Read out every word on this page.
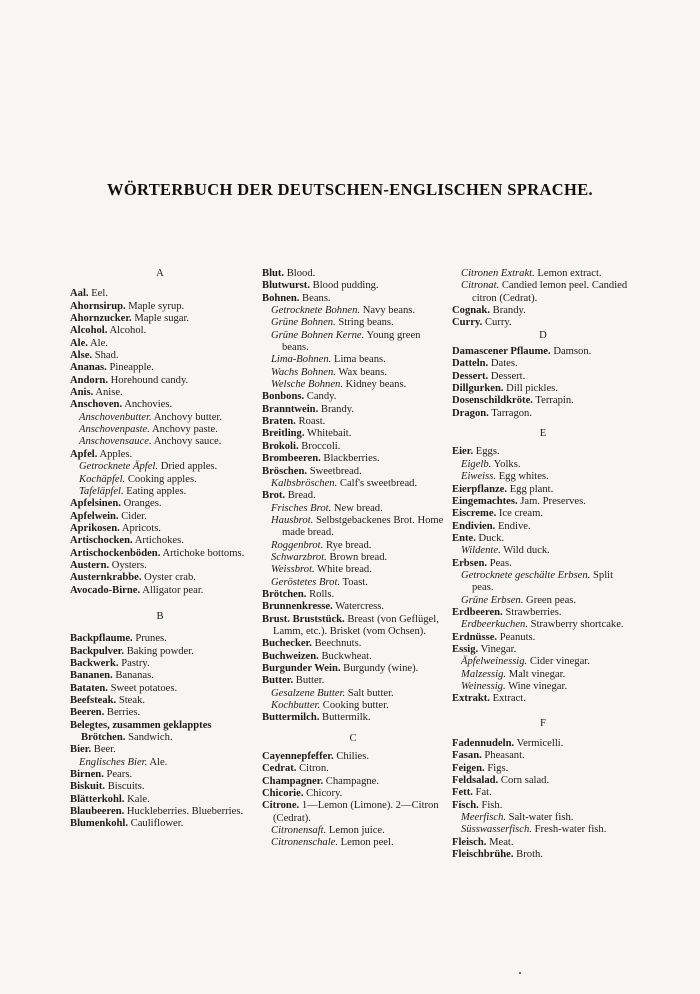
WÖRTERBUCH DER DEUTSCHEN-ENGLISCHEN SPRACHE.

A

Aal. Eel.

Ahornsirup. Maple syrup.

Ahornzucker. Maple sugar.

Alcohol. Alcohol.

Ale. Ale.

Alse. Shad.

Ananas. Pineapple.

Andorn. Horehound candy.

Anis. Anise.

Anschoven. Anchovies.

Anschovenbutter. Anchovy butter.

Anschovenpaste. Anchovy paste.

Anschovensauce. Anchovy sauce.

Apfel. Apples.

Getrocknete Äpfel. Dried apples.

Kochäpfel. Cooking apples.

Tafeläpfel. Eating apples.

Apfelsinen. Oranges.

Apfelwein. Cider.

Aprikosen. Apricots.

Artischocken. Artichokes.

Artischockenböden. Artichoke bottoms.

Austern. Oysters.

Austernkrabbe. Oyster crab.

Avocado-Birne. Alligator pear.

B

Backpflaume. Prunes.

Backpulver. Baking powder.

Backwerk. Pastry.

Bananen. Bananas.

Bataten. Sweet potatoes.

Beefsteak. Steak.

Beeren. Berries.

Belegtes, zusammen geklapptes Brötchen. Sandwich.

Bier. Beer.

Englisches Bier. Ale.

Birnen. Pears.

Biskuit. Biscuits.

Blätterkohl. Kale.

Blaubeeren. Huckleberries. Blueberries.

Blumenkohl. Cauliflower.

Blut. Blood.

Blutwurst. Blood pudding.

Bohnen. Beans.

Getrocknete Bohnen. Navy beans.

Grüne Bohnen. String beans.

Grüne Bohnen Kerne. Young green beans.

Lima-Bohnen. Lima beans.

Wachs Bohnen. Wax beans.

Welsche Bohnen. Kidney beans.

Bonbons. Candy.

Branntwein. Brandy.

Braten. Roast.

Breitling. Whitebait.

Brokoli. Broccoli.

Brombeeren. Blackberries.

Bröschen. Sweetbread.

Kalbsbröschen. Calf's sweetbread.

Brot. Bread.

Frisches Brot. New bread.

Hausbrot. Selbstgebackenes Brot. Home made bread.

Roggenbrot. Rye bread.

Schwarzbrot. Brown bread.

Weissbrot. White bread.

Geröstetes Brot. Toast.

Brötchen. Rolls.

Brunnenkresse. Watercress.

Brust. Bruststück. Breast (von Geflügel, Lamm, etc.). Brisket (vom Ochsen).

Buchecker. Beechnuts.

Buchweizen. Buckwheat.

Burgunder Wein. Burgundy (wine).

Butter. Butter.

Gesalzene Butter. Salt butter.

Kochbutter. Cooking butter.

Buttermilch. Buttermilk.

C

Cayennepfeffer. Chilies.

Cedrat. Citron.

Champagner. Champagne.

Chicorie. Chicory.

Citrone. 1—Lemon (Limone). 2—Citron (Cedrat).

Citronensaft. Lemon juice.

Citronenschale. Lemon peel.

Citronen Extrakt. Lemon extract.

Citronat. Candied lemon peel. Candied citron (Cedrat).

Cognak. Brandy.

Curry. Curry.

D

Damascener Pflaume. Damson.

Datteln. Dates.

Dessert. Dessert.

Dillgurken. Dill pickles.

Dosenschildkröte. Terrapin.

Dragon. Tarragon.

E

Eier. Eggs.

Eigelb. Yolks.

Eiweiss. Egg whites.

Eierpflanze. Egg plant.

Eingemachtes. Jam. Preserves.

Eiscreme. Ice cream.

Endivien. Endive.

Ente. Duck.

Wildente. Wild duck.

Erbsen. Peas.

Getrocknete geschälte Erbsen. Split peas.

Grüne Erbsen. Green peas.

Erdbeeren. Strawberries.

Erdbeerkuchen. Strawberry shortcake.

Erdnüsse. Peanuts.

Essig. Vinegar.

Äpfelweinessig. Cider vinegar.

Malzessig. Malt vinegar.

Weinessig. Wine vinegar.

Extrakt. Extract.

F

Fadennudeln. Vermicelli.

Fasan. Pheasant.

Feigen. Figs.

Feldsalad. Corn salad.

Fett. Fat.

Fisch. Fish.

Meerfisch. Salt-water fish.

Süsswasserfisch. Fresh-water fish.

Fleisch. Meat.

Fleischbrühe. Broth.
